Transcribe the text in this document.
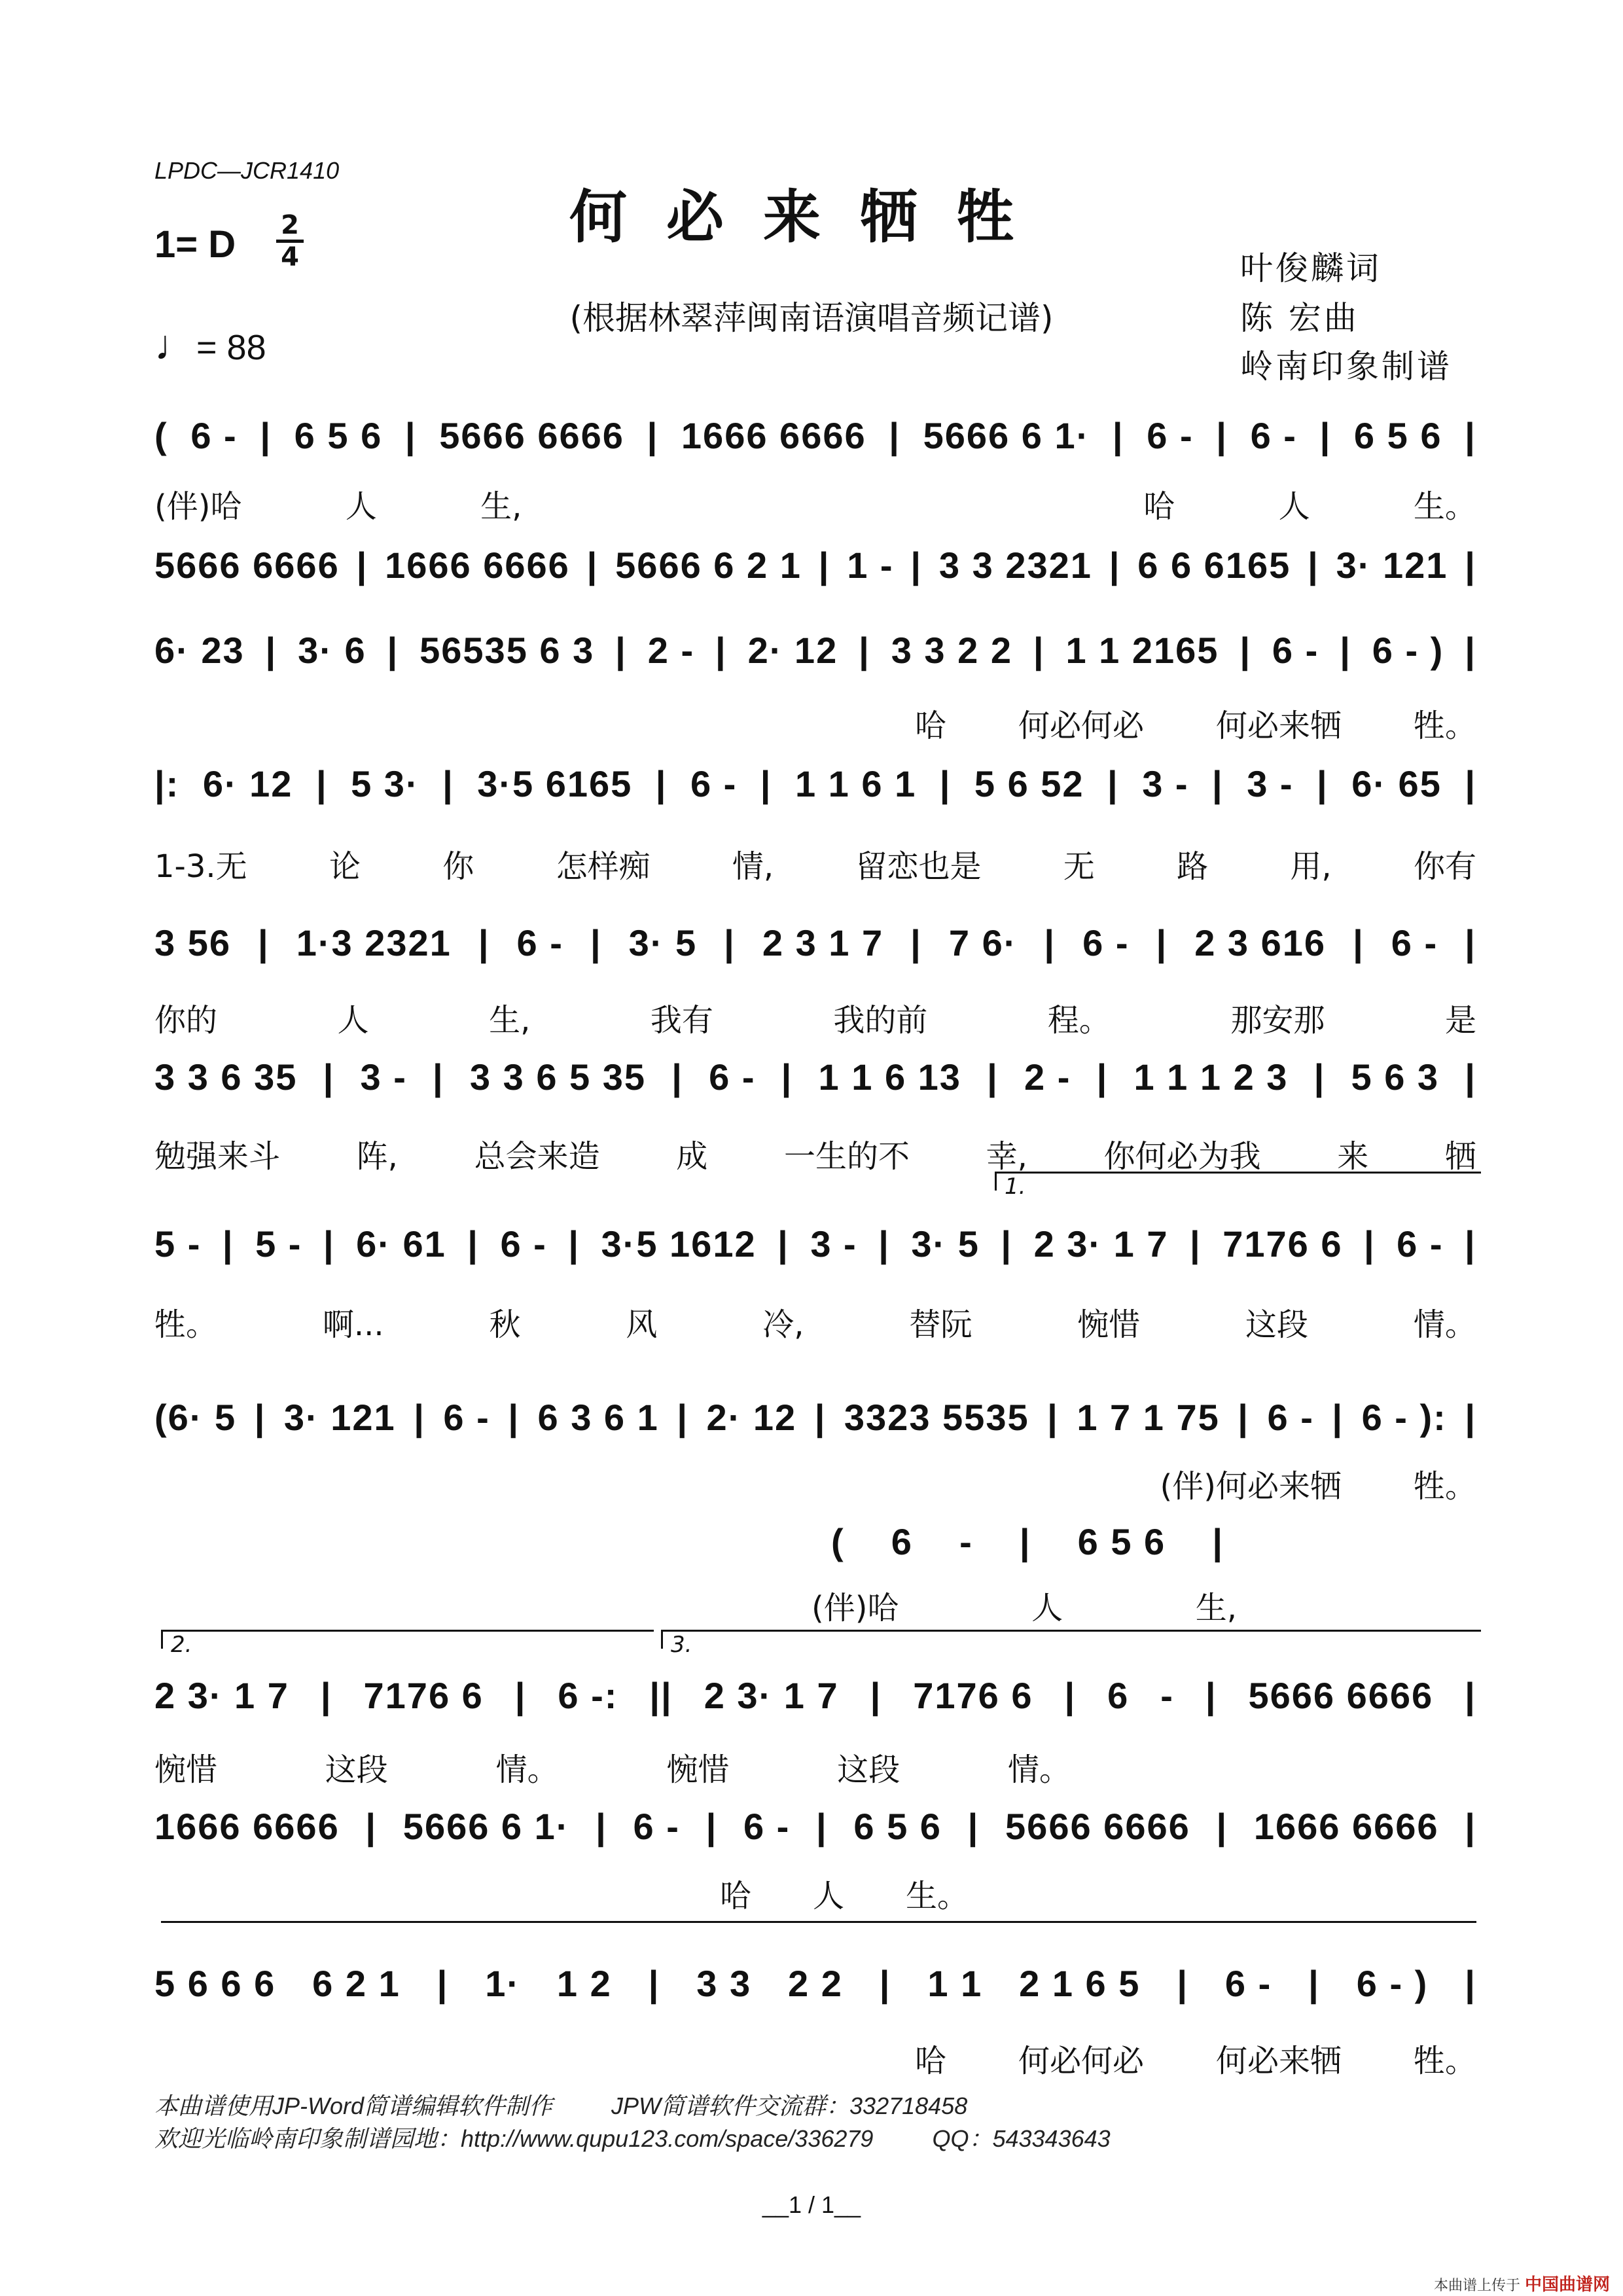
LPDC—JCR1410
何必来牺牲
1= D 2
4
♩= 88
(根据林翠萍闽南语演唱音频记谱)
叶俊麟词
陈 宏曲
岭南印象制谱
( 6 - | 6 5 6 | 5666 6666 | 1666 6666 | 5666 6 1· | 6 - | 6 - | 6 5 6 |
(伴)哈	人	生,	哈	人	生。
5666 6666 | 1666 6666 | 5666 6 2 1 | 1 - | 3 3 2321 | 6 6 6165 | 3· 121 |
6· 23 | 3· 6 | 56535 6 3 | 2 - | 2· 12 | 3 3 2 2 | 1 1 2165 | 6 - | 6 - ) |
哈 何必何必 何必来牺 牲。
|: 6· 12 | 5 3· | 3·5 6165 | 6 - | 1 1 6 1 | 5 6 52 | 3 - | 3 - | 6· 65 |
1-3.无	论	你	怎样痴	情,	留恋也是	无	路	用,	你有
3 56 | 1·3 2321 | 6 - | 3· 5 | 2 3 1 7 | 7 6· | 6 - | 2 3 616 | 6 - |
你的	人	生,	我有	我的前	程。	那安那	是
3 3 6 35 | 3 - | 3 3 6 5 35 | 6 - | 1 1 6 13 | 2 - | 1 1 1 2 3 | 5 6 3 |
勉强来斗 阵, 总会来造 成 一生的不 幸, 你何必为我 来 牺
1.
5 - | 5 - | 6· 61 | 6 - | 3·5 1612 | 3 - | 3· 5 | 2 3· 1 7 | 7176 6 | 6 - |
牲。	啊...	秋	风	冷,	替阮	惋惜	这段	情。
(6· 5 | 3· 121 | 6 - | 6 3 6 1 | 2· 12 | 3323 5535 | 1 7 1 75 | 6 - | 6 - ): |
(伴)何必来牺 牲。
( 6 - | 6 5 6 |
(伴)哈	人	生,
2.	3.
2 3· 1 7 | 7176 6 | 6 -: || 2 3· 1 7 | 7176 6 | 6 - | 5666 6666 |
惋惜	这段	情。	惋惜	这段	情。
1666 6666 | 5666 6 1· | 6 - | 6 - | 6 5 6 | 5666 6666 | 1666 6666 |
哈 人 生。
5 6 6 6 6 2 1 | 1· 1 2 | 3 3 2 2 | 1 1 2 1 6 5 | 6 - | 6 - ) |
哈 何必何必 何必来牺 牲。
本曲谱使用JP-Word简谱编辑软件制作	JPW简谱软件交流群：332718458
欢迎光临岭南印象制谱园地：http://www.qupu123.com/space/336279	QQ：543343643
__1 / 1__
本曲谱上传于 中国曲谱网
